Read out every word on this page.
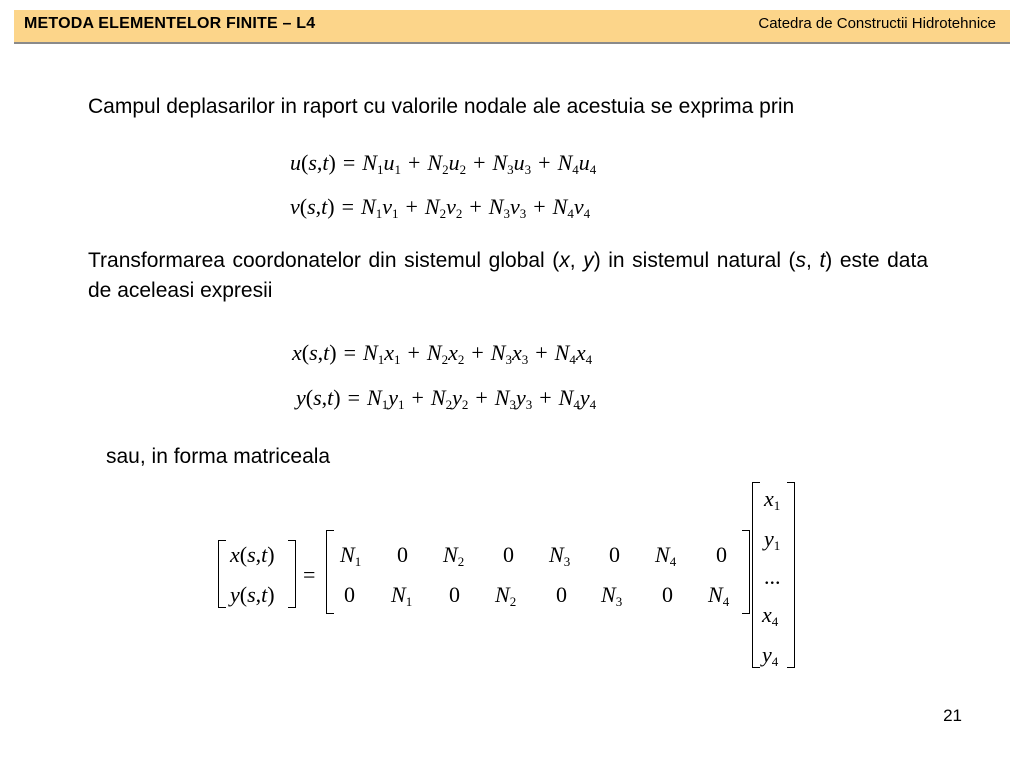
METODA ELEMENTELOR FINITE – L4	Catedra de Constructii Hidrotehnice
Campul deplasarilor in raport cu valorile nodale ale acestuia se exprima prin
$u(s,t) = N_1u_1 + N_2u_2 + N_3u_3 + N_4u_4$
$v(s,t) = N_1v_1 + N_2v_2 + N_3v_3 + N_4v_4$
Transformarea coordonatelor din sistemul global (x, y) in sistemul natural (s, t) este data de aceleasi expresii
$x(s,t) = N_1x_1 + N_2x_2 + N_3x_3 + N_4x_4$
$y(s,t) = N_1y_1 + N_2y_2 + N_3y_3 + N_4y_4$
sau, in forma matriceala
x(s,t)
y(s,t)
=
$N_1$ 0 $N_2$ 0 $N_3$ 0 $N_4$ 0
0 $N_1$ 0 $N_2$ 0 $N_3$ 0 $N_4$
$x_1$
$y_1$
...
$x_4$
$y_4$
21
